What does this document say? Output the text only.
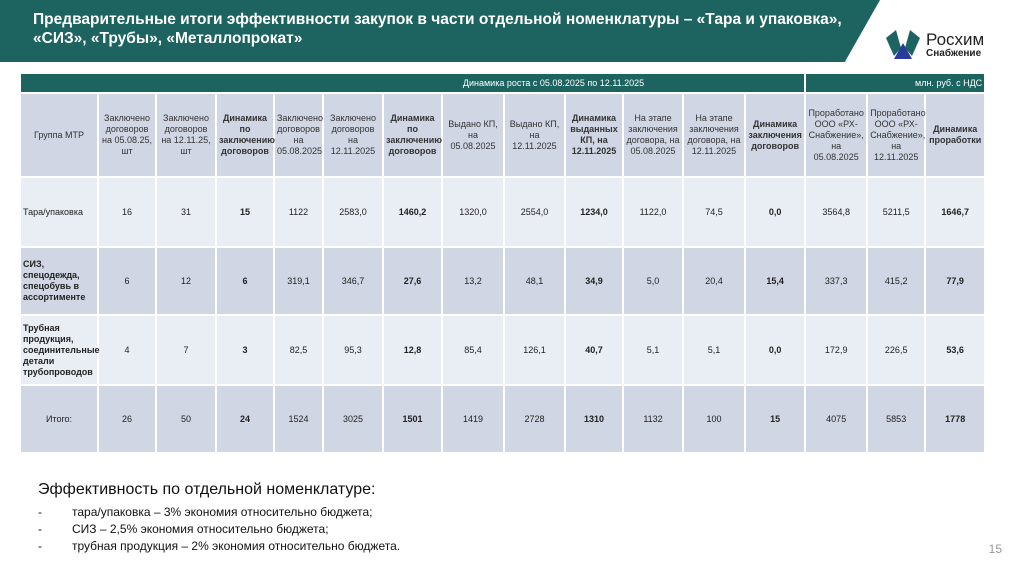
Предварительные итоги эффективности закупок в части отдельной номенклатуры – «Тара и упаковка», «СИЗ», «Трубы», «Металлопрокат»	Росхим
Снабжение
Динамика роста с 05.08.2025 по 12.11.2025													млн. руб. с НДС		
Группа МТР	Заключено договоров на 05.08.25, шт	Заключено договоров на 12.11.25, шт	Динамика по заключению договоров	Заключено договоров на 05.08.2025	Заключено договоров на 12.11.2025	Динамика по заключению договоров	Выдано КП, на 05.08.2025	Выдано КП, на 12.11.2025	Динамика выданных КП, на 12.11.2025	На этапе заключения договора, на 05.08.2025	На этапе заключения договора, на 12.11.2025	Динамика заключения договоров	Проработано ООО «РХ-Снабжение», на 05.08.2025	Проработано ООО «РХ-Снабжение», на 12.11.2025	Динамика проработки
Тара/упаковка	16	31	15	1122	2583,0	1460,2	1320,0	2554,0	1234,0	1122,0	74,5	0,0	3564,8	5211,5	1646,7
СИЗ, спецодежда, спецобувь в ассортименте	6	12	6	319,1	346,7	27,6	13,2	48,1	34,9	5,0	20,4	15,4	337,3	415,2	77,9
Трубная продукция, соединительные детали трубопроводов	4	7	3	82,5	95,3	12,8	85,4	126,1	40,7	5,1	5,1	0,0	172,9	226,5	53,6
Итого:	26	50	24	1524	3025	1501	1419	2728	1310	1132	100	15	4075	5853	1778
Эффективность по отдельной номенклатуре:
-	тара/упаковка – 3% экономия относительно бюджета;
-	СИЗ – 2,5% экономия относительно бюджета;
-	трубная продукция – 2% экономия относительно бюджета.	15
